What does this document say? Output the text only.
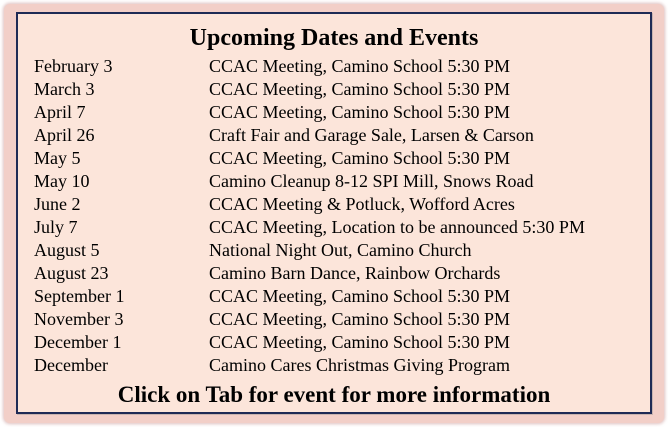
Upcoming Dates and Events
February 3	CCAC Meeting, Camino School 5:30 PM
March 3	CCAC Meeting, Camino School 5:30 PM
April 7	CCAC Meeting, Camino School 5:30 PM
April 26	Craft Fair and Garage Sale, Larsen & Carson
May 5	CCAC Meeting, Camino School 5:30 PM
May 10	Camino Cleanup 8-12 SPI Mill, Snows Road
June 2	CCAC Meeting & Potluck, Wofford Acres
July 7	CCAC Meeting, Location to be announced 5:30 PM
August 5	National Night Out, Camino Church
August 23	Camino Barn Dance, Rainbow Orchards
September 1	CCAC Meeting, Camino School 5:30 PM
November 3	CCAC Meeting, Camino School 5:30 PM
December 1	CCAC Meeting, Camino School 5:30 PM
December	Camino Cares Christmas Giving Program
Click on Tab for event for more information
